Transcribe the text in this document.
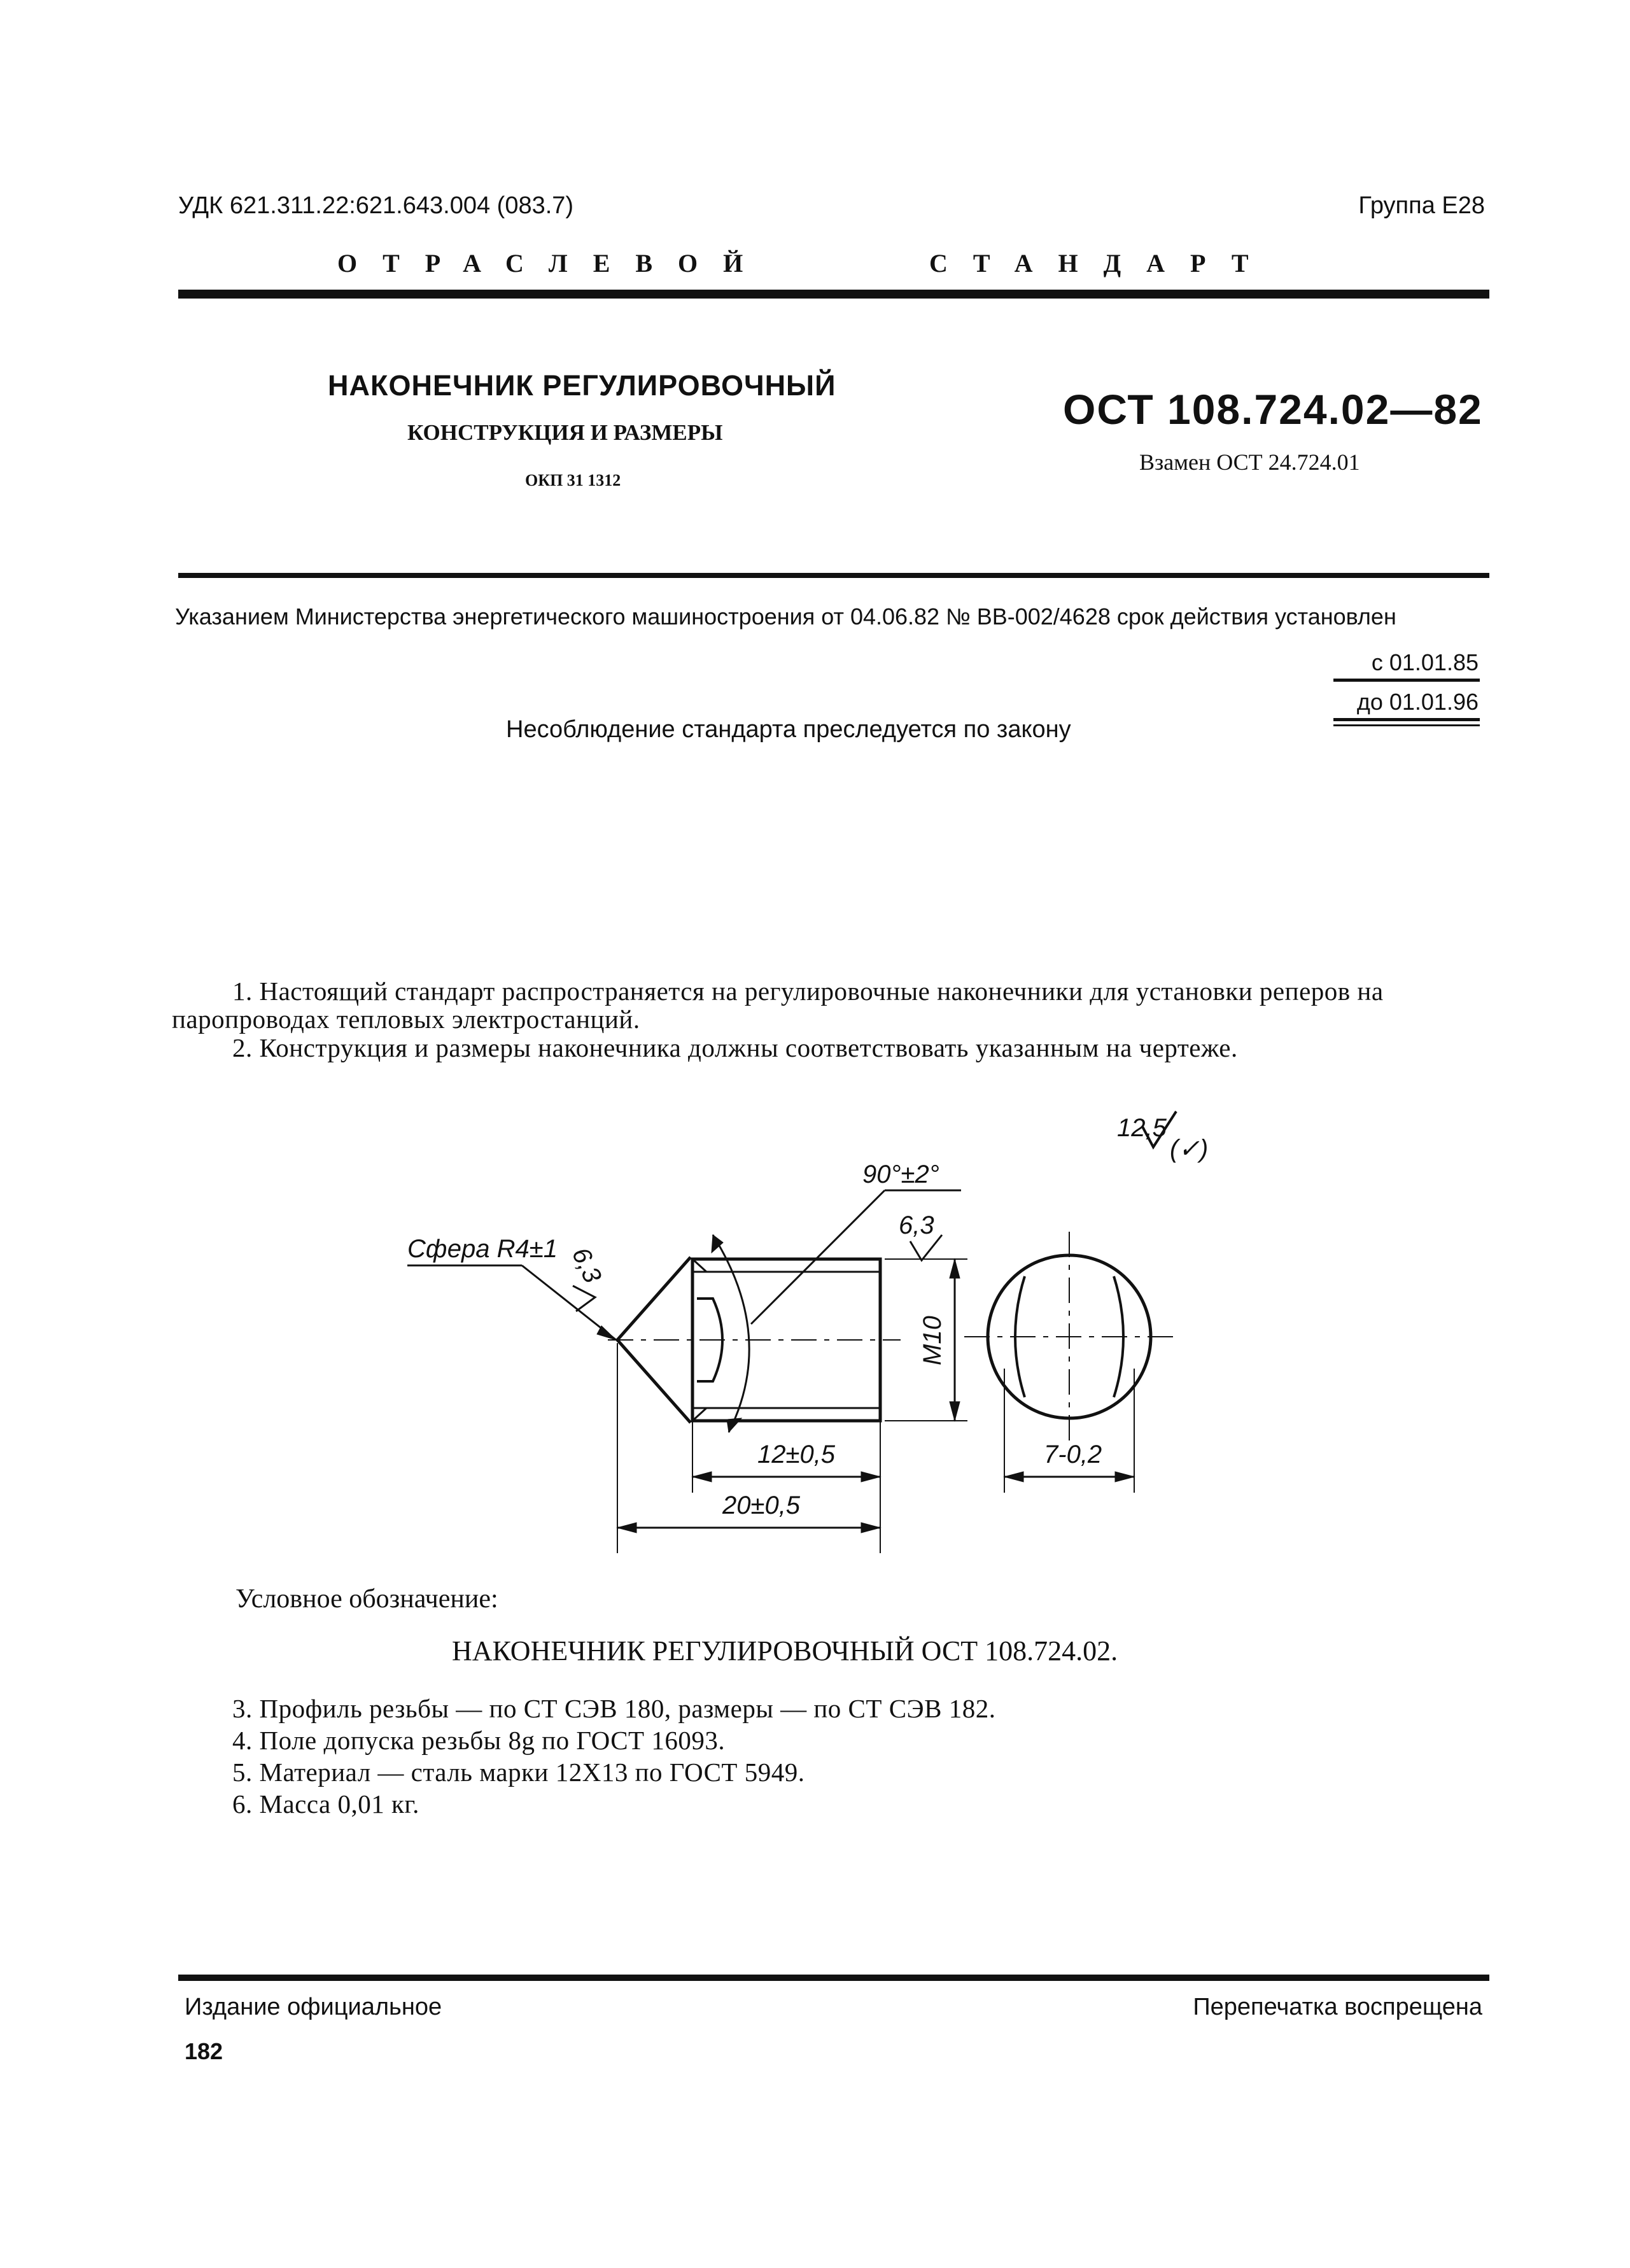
УДК 621.311.22:621.643.004 (083.7)	Группа Е28
ОТРАСЛЕВОЙ	СТАНДАРТ
НАКОНЕЧНИК РЕГУЛИРОВОЧНЫЙ
КОНСТРУКЦИЯ И РАЗМЕРЫ
ОКП 31 1312
ОСТ 108.724.02—82
Взамен ОСТ 24.724.01
Указанием Министерства энергетического машиностроения от 04.06.82 № ВВ-002/4628 срок действия установлен
с 01.01.85
до 01.01.96
Несоблюдение стандарта преследуется по закону
1. Настоящий стандарт распространяется на регулировочные наконечники для установки реперов на паропроводах тепловых электростанций.
2. Конструкция и размеры наконечника должны соответствовать указанным на чертеже.
12,5
(✓)
90°±2°
Сфера R4±1 6,3
6,3
М10
12±0,5
20±0,5
7-0,2
Условное обозначение:
НАКОНЕЧНИК РЕГУЛИРОВОЧНЫЙ ОСТ 108.724.02.
3. Профиль резьбы — по СТ СЭВ 180, размеры — по СТ СЭВ 182.
4. Поле допуска резьбы 8g по ГОСТ 16093.
5. Материал — сталь марки 12Х13 по ГОСТ 5949.
6. Масса 0,01 кг.
Издание официальное
182
Перепечатка воспрещена
